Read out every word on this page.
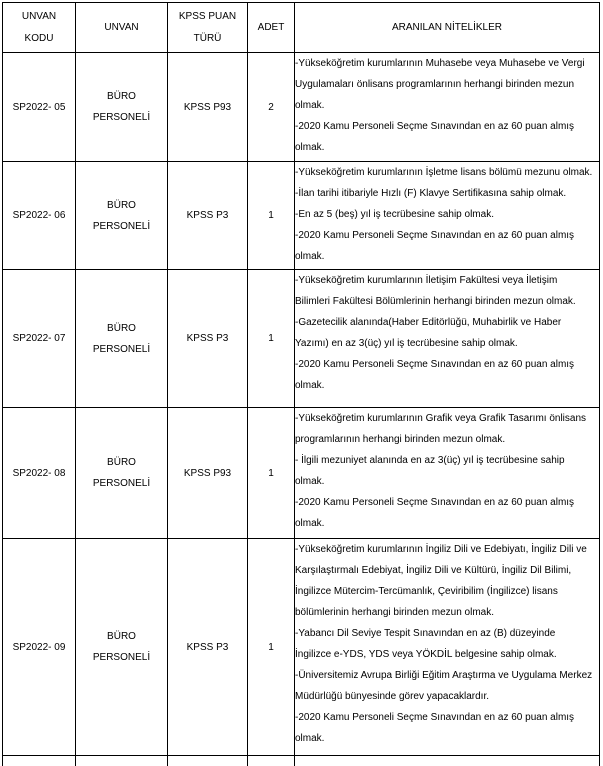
UNVAN KODU	UNVAN	KPSS PUAN TÜRÜ	ADET	ARANILAN NİTELİKLER

SP2022- 05	BÜRO PERSONELİ	KPSS P93	2	-Yükseköğretim kurumlarının Muhasebe veya Muhasebe ve Vergi Uygulamaları önlisans programlarının herhangi birinden mezun olmak.
-2020 Kamu Personeli Seçme Sınavından en az 60 puan almış olmak.

SP2022- 06	BÜRO PERSONELİ	KPSS P3	1	-Yükseköğretim kurumlarının İşletme lisans bölümü mezunu olmak.
-İlan tarihi itibariyle Hızlı (F) Klavye Sertifikasına sahip olmak.
-En az 5 (beş) yıl iş tecrübesine sahip olmak.
-2020 Kamu Personeli Seçme Sınavından en az 60 puan almış olmak.

SP2022- 07	BÜRO PERSONELİ	KPSS P3	1	-Yükseköğretim kurumlarının İletişim Fakültesi veya İletişim Bilimleri Fakültesi Bölümlerinin herhangi birinden mezun olmak.
-Gazetecilik alanında(Haber Editörlüğü, Muhabirlik ve Haber Yazımı) en az 3(üç) yıl iş tecrübesine sahip olmak.
-2020 Kamu Personeli Seçme Sınavından en az 60 puan almış olmak.

SP2022- 08	BÜRO PERSONELİ	KPSS P93	1	-Yükseköğretim kurumlarının Grafik veya Grafik Tasarımı önlisans programlarının herhangi birinden mezun olmak.
- İlgili mezuniyet alanında en az 3(üç) yıl iş tecrübesine sahip olmak.
-2020 Kamu Personeli Seçme Sınavından en az 60 puan almış olmak.

SP2022- 09	BÜRO PERSONELİ	KPSS P3	1	-Yükseköğretim kurumlarının İngiliz Dili ve Edebiyatı, İngiliz Dili ve Karşılaştırmalı Edebiyat, İngiliz Dili ve Kültürü, İngiliz Dil Bilimi, İngilizce Mütercim-Tercümanlık, Çeviribilim (İngilizce) lisans bölümlerinin herhangi birinden mezun olmak.
-Yabancı Dil Seviye Tespit Sınavından en az (B) düzeyinde İngilizce e-YDS, YDS veya YÖKDİL belgesine sahip olmak.
-Üniversitemiz Avrupa Birliği Eğitim Araştırma ve Uygulama Merkez Müdürlüğü bünyesinde görev yapacaklardır.
-2020 Kamu Personeli Seçme Sınavından en az 60 puan almış olmak.
